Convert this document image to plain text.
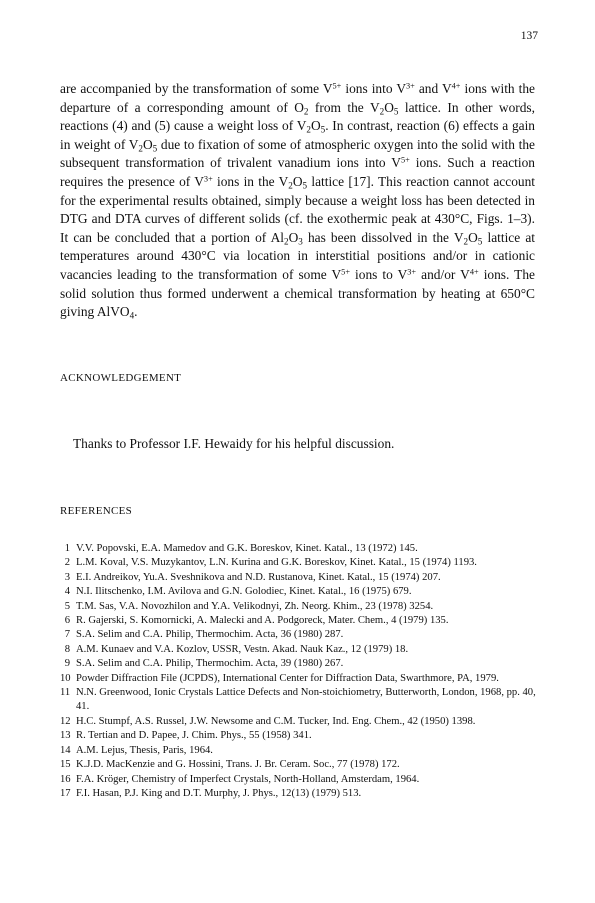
137

are accompanied by the transformation of some $V^{5+}$ ions into $V^{3+}$ and $V^{4+}$ ions with the departure of a corresponding amount of $O_2$ from the $V_2O_5$ lattice. In other words, reactions (4) and (5) cause a weight loss of $V_2O_5$. In contrast, reaction (6) effects a gain in weight of $V_2O_5$ due to fixation of some of atmospheric oxygen into the solid with the subsequent transformation of trivalent vanadium ions into $V^{5+}$ ions. Such a reaction requires the presence of $V^{3+}$ ions in the $V_2O_5$ lattice [17]. This reaction cannot account for the experimental results obtained, simply because a weight loss has been detected in DTG and DTA curves of different solids (cf. the exothermic peak at 430°C, Figs. 1–3). It can be concluded that a portion of $Al_2O_3$ has been dissolved in the $V_2O_5$ lattice at temperatures around 430°C via location in interstitial positions and/or in cationic vacancies leading to the transformation of some $V^{5+}$ ions to $V^{3+}$ and/or $V^{4+}$ ions. The solid solution thus formed underwent a chemical transformation by heating at 650°C giving AlVO$_4$.

ACKNOWLEDGEMENT
Thanks to Professor I.F. Hewaidy for his helpful discussion.
REFERENCES
1 V.V. Popovski, E.A. Mamedov and G.K. Boreskov, Kinet. Katal., 13 (1972) 145.
2 L.M. Koval, V.S. Muzykantov, L.N. Kurina and G.K. Boreskov, Kinet. Katal., 15 (1974) 1193.
3 E.I. Andreikov, Yu.A. Sveshnikova and N.D. Rustanova, Kinet. Katal., 15 (1974) 207.
4 N.I. Ilitschenko, I.M. Avilova and G.N. Golodiec, Kinet. Katal., 16 (1975) 679.
5 T.M. Sas, V.A. Novozhilon and Y.A. Velikodnyi, Zh. Neorg. Khim., 23 (1978) 3254.
6 R. Gajerski, S. Komornicki, A. Malecki and A. Podgoreck, Mater. Chem., 4 (1979) 135.
7 S.A. Selim and C.A. Philip, Thermochim. Acta, 36 (1980) 287.
8 A.M. Kunaev and V.A. Kozlov, USSR, Vestn. Akad. Nauk Kaz., 12 (1979) 18.
9 S.A. Selim and C.A. Philip, Thermochim. Acta, 39 (1980) 267.
10 Powder Diffraction File (JCPDS), International Center for Diffraction Data, Swarthmore, PA, 1979.
11 N.N. Greenwood, Ionic Crystals Lattice Defects and Non-stoichiometry, Butterworth, London, 1968, pp. 40, 41.
12 H.C. Stumpf, A.S. Russel, J.W. Newsome and C.M. Tucker, Ind. Eng. Chem., 42 (1950) 1398.
13 R. Tertian and D. Papee, J. Chim. Phys., 55 (1958) 341.
14 A.M. Lejus, Thesis, Paris, 1964.
15 K.J.D. MacKenzie and G. Hossini, Trans. J. Br. Ceram. Soc., 77 (1978) 172.
16 F.A. Kröger, Chemistry of Imperfect Crystals, North-Holland, Amsterdam, 1964.
17 F.I. Hasan, P.J. King and D.T. Murphy, J. Phys., 12(13) (1979) 513.
